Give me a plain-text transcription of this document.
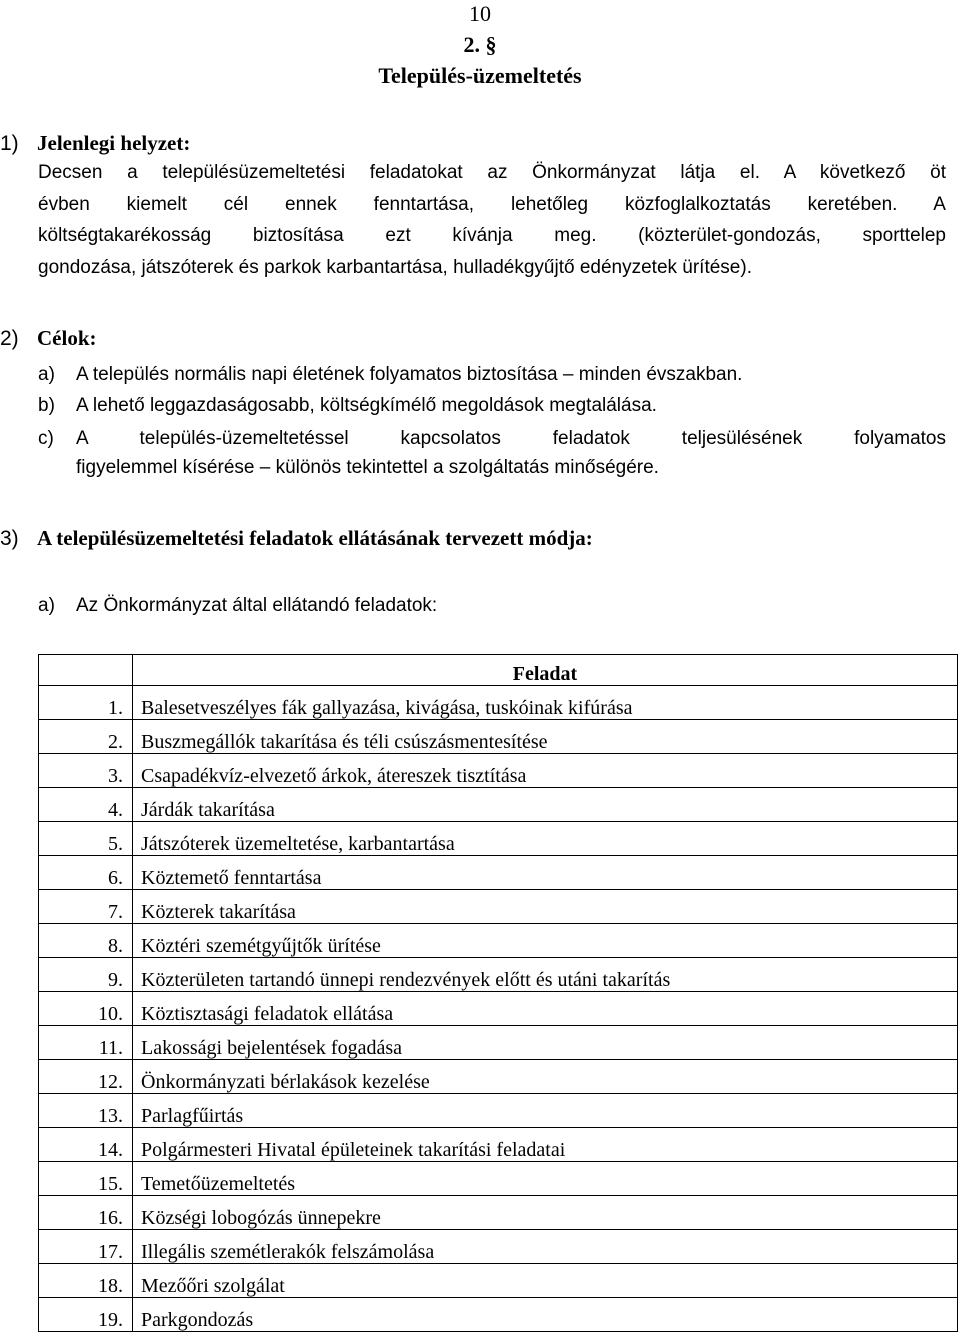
10
2. §
Település-üzemeltetés
1) Jelenlegi helyzet:
Decsen a településüzemeltetési feladatokat az Önkormányzat látja el. A következő öt
évben kiemelt cél ennek fenntartása, lehetőleg közfoglalkoztatás keretében. A
költségtakarékosság biztosítása ezt kívánja meg. (közterület-gondozás, sporttelep
gondozása, játszóterek és parkok karbantartása, hulladékgyűjtő edényzetek ürítése).
2) Célok:
a) A település normális napi életének folyamatos biztosítása – minden évszakban.
b) A lehető leggazdaságosabb, költségkímélő megoldások megtalálása.
c) A település-üzemeltetéssel kapcsolatos feladatok teljesülésének folyamatos
figyelemmel kísérése – különös tekintettel a szolgáltatás minőségére.
3) A településüzemeltetési feladatok ellátásának tervezett módja:
a) Az Önkormányzat által ellátandó feladatok:
	Feladat
1.	Balesetveszélyes fák gallyazása, kivágása, tuskóinak kifúrása
2.	Buszmegállók takarítása és téli csúszásmentesítése
3.	Csapadékvíz-elvezető árkok, átereszek tisztítása
4.	Járdák takarítása
5.	Játszóterek üzemeltetése, karbantartása
6.	Köztemető fenntartása
7.	Közterek takarítása
8.	Köztéri szemétgyűjtők ürítése
9.	Közterületen tartandó ünnepi rendezvények előtt és utáni takarítás
10.	Köztisztasági feladatok ellátása
11.	Lakossági bejelentések fogadása
12.	Önkormányzati bérlakások kezelése
13.	Parlagfűirtás
14.	Polgármesteri Hivatal épületeinek takarítási feladatai
15.	Temetőüzemeltetés
16.	Községi lobogózás ünnepekre
17.	Illegális szemétlerakók felszámolása
18.	Mezőőri szolgálat
19.	Parkgondozás
